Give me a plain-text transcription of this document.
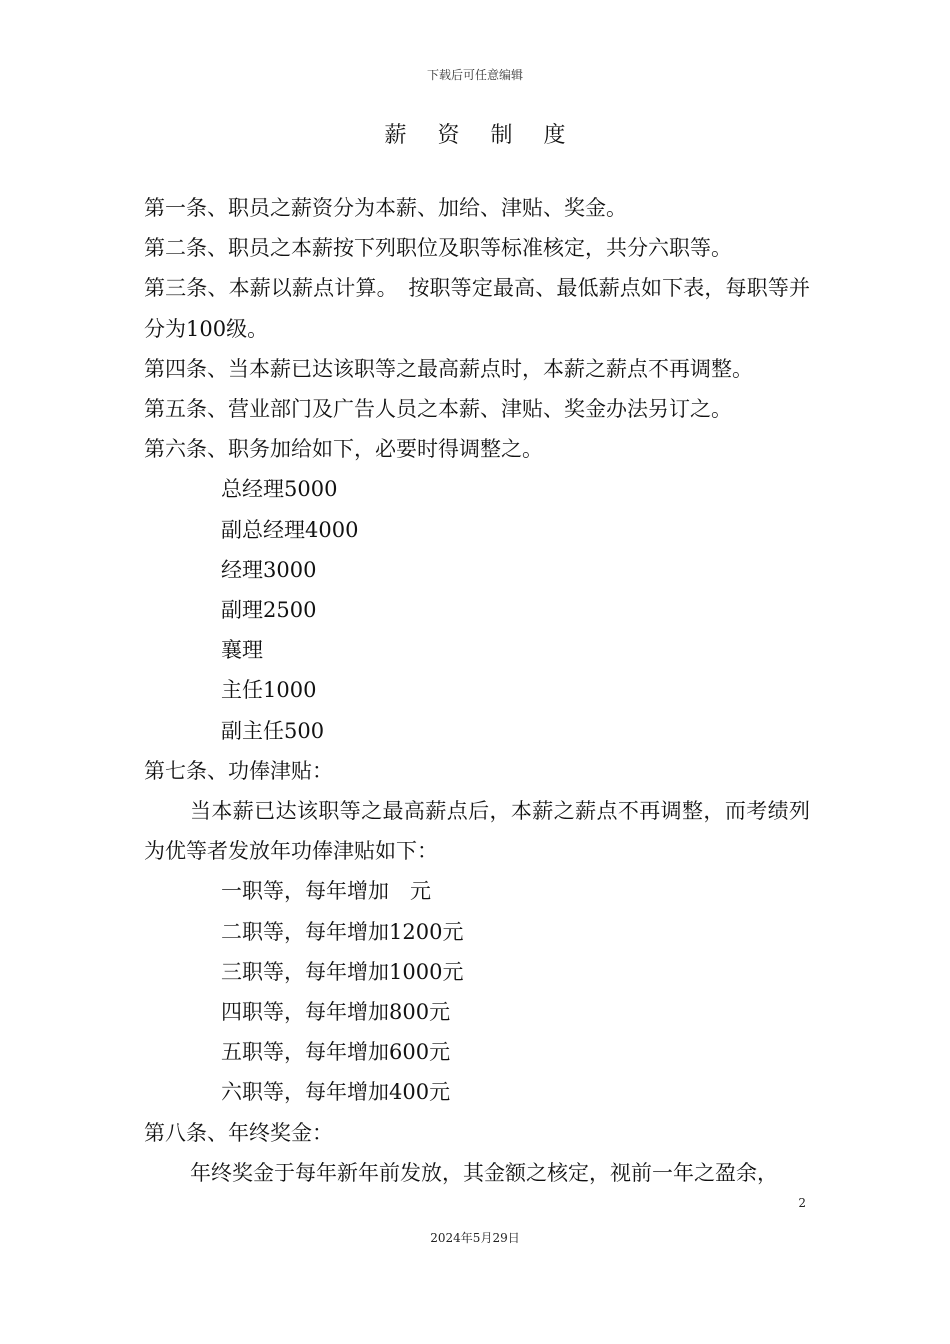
下载后可任意编辑
薪 资 制 度

第一条、职员之薪资分为本薪、加给、津贴、奖金。

第二条、职员之本薪按下列职位及职等标准核定，共分六职等。

第三条、本薪以薪点计算。　按职等定最高、最低薪点如下表，每职等并分为100级。

第四条、当本薪已达该职等之最高薪点时，本薪之薪点不再调整。

第五条、营业部门及广告人员之本薪、津贴、奖金办法另订之。

第六条、职务加给如下，必要时得调整之。

总经理5000

副总经理4000

经理3000

副理2500

襄理

主任1000

副主任500

第七条、功俸津贴：

当本薪已达该职等之最高薪点后，本薪之薪点不再调整，而考绩列为优等者发放年功俸津贴如下：

一职等，每年增加　元

二职等，每年增加1200元

三职等，每年增加1000元

四职等，每年增加800元

五职等，每年增加600元

六职等，每年增加400元

第八条、年终奖金：

年终奖金于每年新年前发放，其金额之核定，视前一年之盈余，

2
2024年5月29日
